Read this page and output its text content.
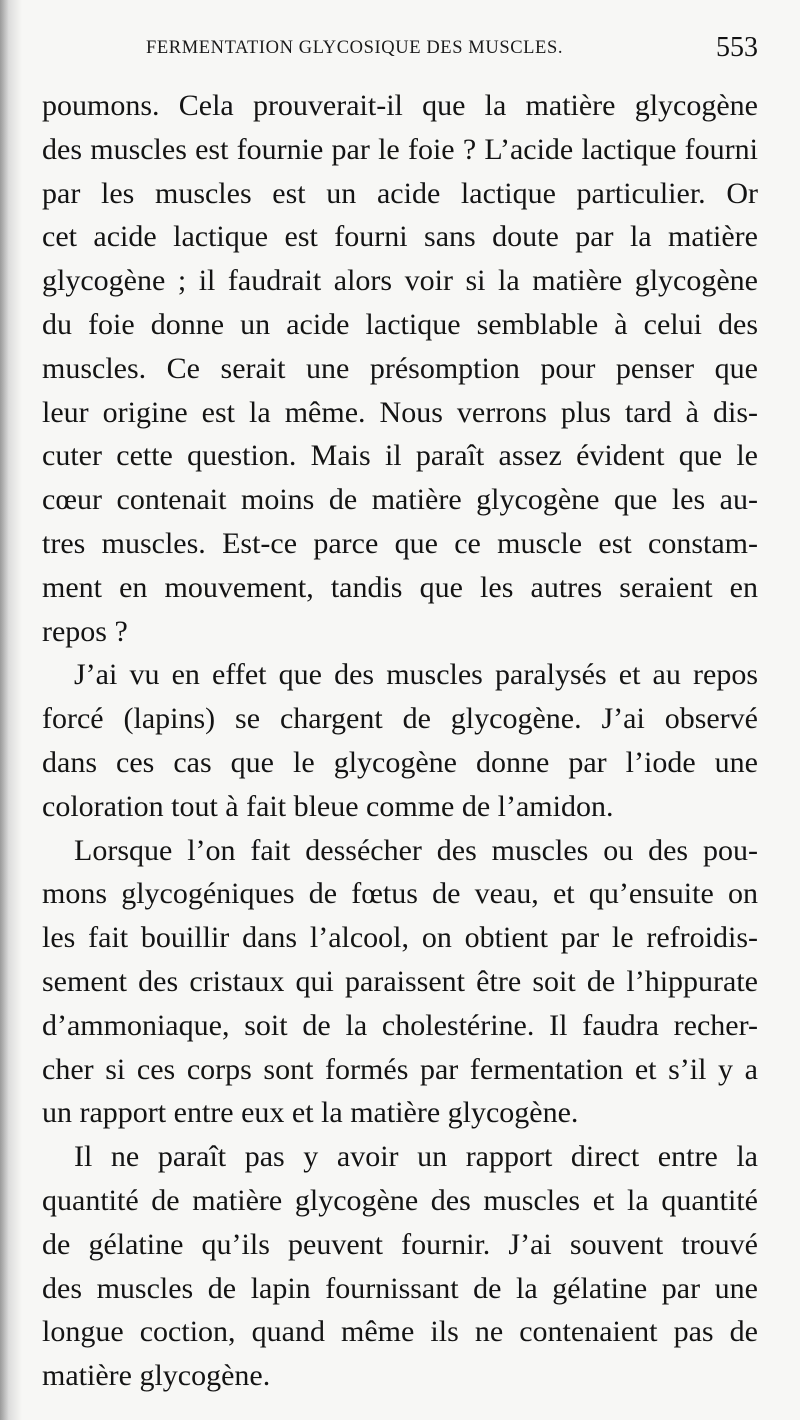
FERMENTATION GLYCOSIQUE DES MUSCLES.	553
poumons. Cela prouverait-il que la matière glycogène
des muscles est fournie par le foie ? L’acide lactique fourni
par les muscles est un acide lactique particulier. Or
cet acide lactique est fourni sans doute par la matière
glycogène ; il faudrait alors voir si la matière glycogène
du foie donne un acide lactique semblable à celui des
muscles. Ce serait une présomption pour penser que
leur origine est la même. Nous verrons plus tard à dis-
cuter cette question. Mais il paraît assez évident que le
cœur contenait moins de matière glycogène que les au-
tres muscles. Est-ce parce que ce muscle est constam-
ment en mouvement, tandis que les autres seraient en
repos ?
J’ai vu en effet que des muscles paralysés et au repos
forcé (lapins) se chargent de glycogène. J’ai observé
dans ces cas que le glycogène donne par l’iode une
coloration tout à fait bleue comme de l’amidon.
Lorsque l’on fait dessécher des muscles ou des pou-
mons glycogéniques de fœtus de veau, et qu’ensuite on
les fait bouillir dans l’alcool, on obtient par le refroidis-
sement des cristaux qui paraissent être soit de l’hippurate
d’ammoniaque, soit de la cholestérine. Il faudra recher-
cher si ces corps sont formés par fermentation et s’il y a
un rapport entre eux et la matière glycogène.
Il ne paraît pas y avoir un rapport direct entre la
quantité de matière glycogène des muscles et la quantité
de gélatine qu’ils peuvent fournir. J’ai souvent trouvé
des muscles de lapin fournissant de la gélatine par une
longue coction, quand même ils ne contenaient pas de
matière glycogène.
